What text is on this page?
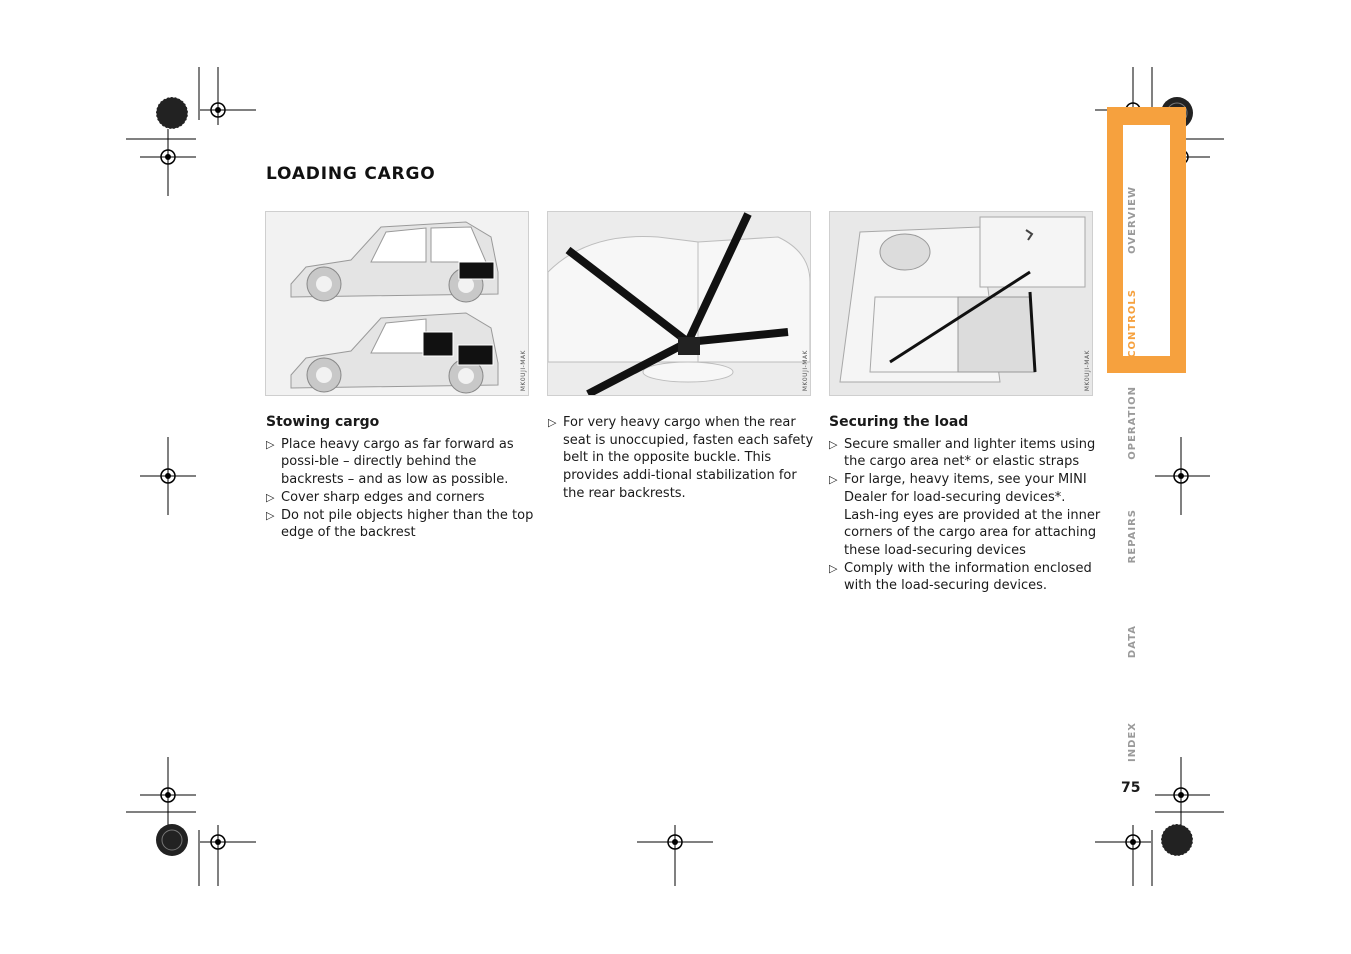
OVERVIEW
CONTROLS
OPERATION
REPAIRS
DATA
INDEX
75
LOADING CARGO
MK0UJI-MAK	MK0UJI-MAK	MK0UJI-MAK
Stowing cargo
▷ Place heavy cargo as far forward as possi-ble – directly behind the backrests – and as low as possible.
▷ Cover sharp edges and corners
▷ Do not pile objects higher than the top edge of the backrest
▷ For very heavy cargo when the rear seat is unoccupied, fasten each safety belt in the opposite buckle. This provides addi-tional stabilization for the rear backrests.
Securing the load
▷ Secure smaller and lighter items using the cargo area net* or elastic straps
▷ For large, heavy items, see your MINI Dealer for load-securing devices*. Lash-ing eyes are provided at the inner corners of the cargo area for attaching these load-securing devices
▷ Comply with the information enclosed with the load-securing devices.
